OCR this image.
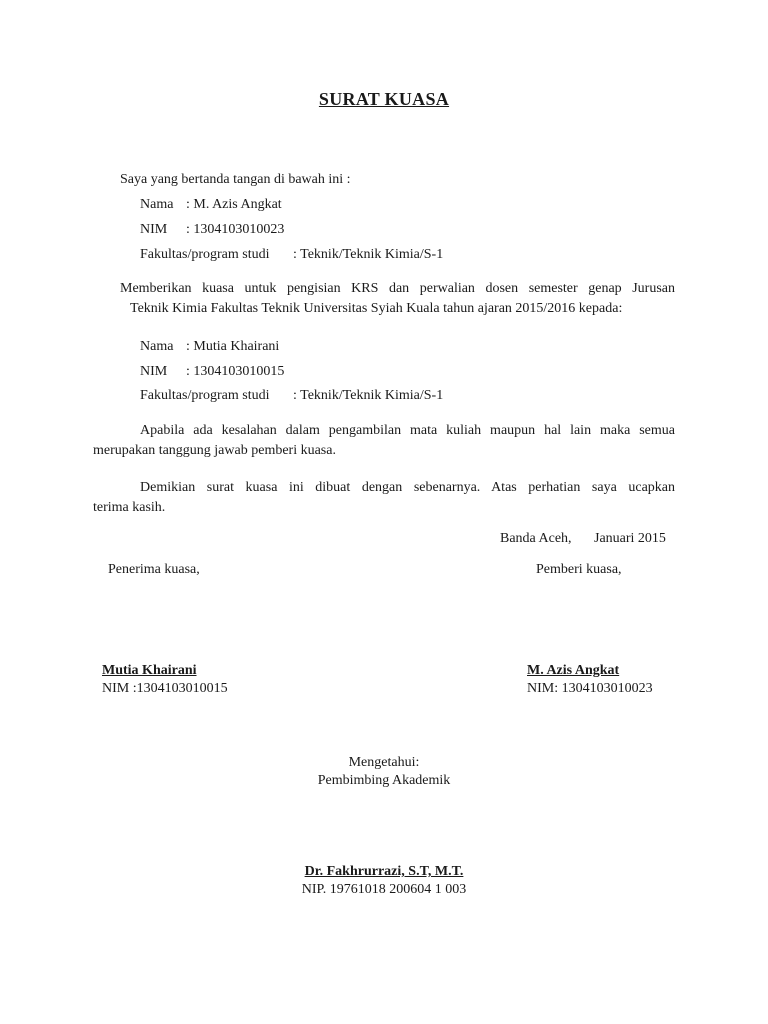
SURAT KUASA
Saya yang bertanda tangan di bawah ini :
Nama : M. Azis Angkat
NIM : 1304103010023
Fakultas/program studi : Teknik/Teknik Kimia/S-1
Memberikan kuasa untuk pengisian KRS dan perwalian dosen semester genap Jurusan
Teknik Kimia Fakultas Teknik Universitas Syiah Kuala tahun ajaran 2015/2016 kepada:
Nama : Mutia Khairani
NIM : 1304103010015
Fakultas/program studi : Teknik/Teknik Kimia/S-1
Apabila ada kesalahan dalam pengambilan mata kuliah maupun hal lain maka semua
merupakan tanggung jawab pemberi kuasa.
Demikian surat kuasa ini dibuat dengan sebenarnya. Atas perhatian saya ucapkan
terima kasih.
Banda Aceh, Januari 2015
Penerima kuasa,	Pemberi kuasa,
Mutia Khairani
NIM :1304103010015
M. Azis Angkat
NIM: 1304103010023
Mengetahui:
Pembimbing Akademik
Dr. Fakhrurrazi, S.T, M.T.
NIP. 19761018 200604 1 003
